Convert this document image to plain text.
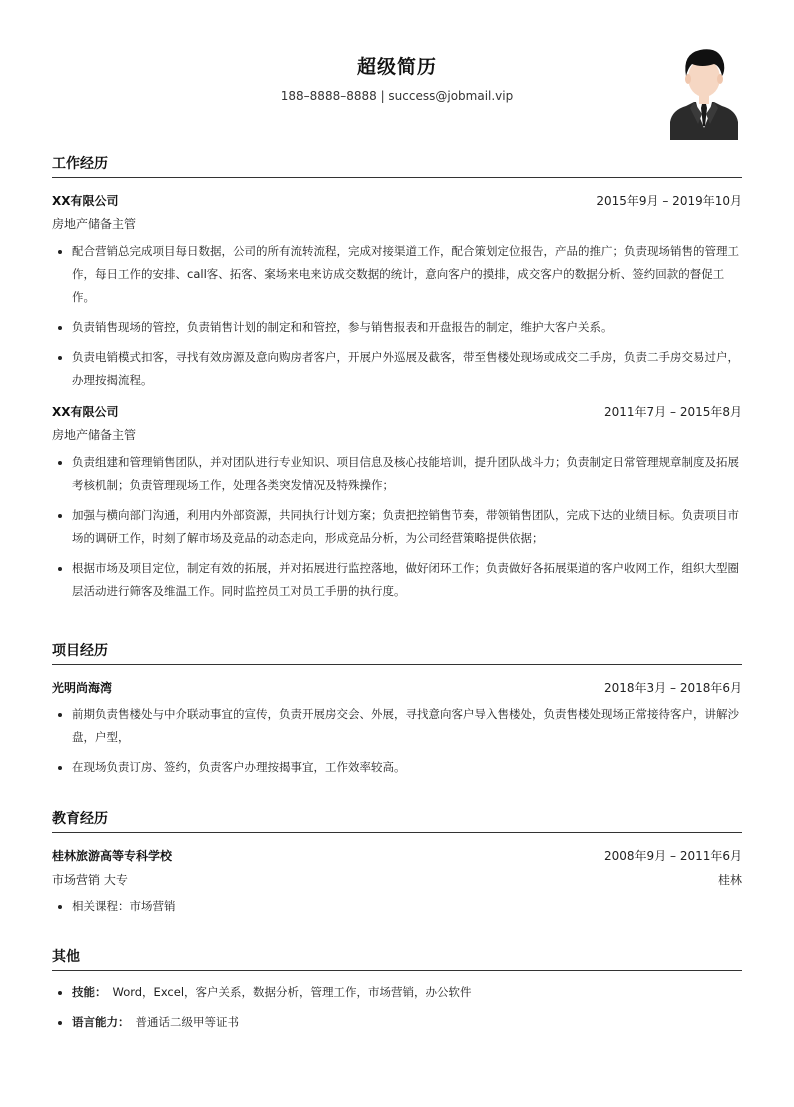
超级简历
188–8888–8888 | success@jobmail.vip
工作经历
XX有限公司	2015年9月 – 2019年10月
房地产储备主管
• 配合营销总完成项目每日数据，公司的所有流转流程，完成对接渠道工作，配合策划定位报告，产品的推广；负责现场销售的管理工作，每日工作的安排、call客、拓客、案场来电来访成交数据的统计，意向客户的摸排，成交客户的数据分析、签约回款的督促工作。
• 负责销售现场的管控，负责销售计划的制定和和管控，参与销售报表和开盘报告的制定，维护大客户关系。
• 负责电销模式扣客，寻找有效房源及意向购房者客户，开展户外巡展及截客，带至售楼处现场或成交二手房，负责二手房交易过户，办理按揭流程。
XX有限公司	2011年7月 – 2015年8月
房地产储备主管
• 负责组建和管理销售团队，并对团队进行专业知识、项目信息及核心技能培训，提升团队战斗力；负责制定日常管理规章制度及拓展考核机制；负责管理现场工作，处理各类突发情况及特殊操作；
• 加强与横向部门沟通，利用内外部资源，共同执行计划方案；负责把控销售节奏，带领销售团队，完成下达的业绩目标。负责项目市场的调研工作，时刻了解市场及竞品的动态走向，形成竞品分析，为公司经营策略提供依据；
• 根据市场及项目定位，制定有效的拓展，并对拓展进行监控落地，做好闭环工作；负责做好各拓展渠道的客户收网工作，组织大型圈层活动进行筛客及维温工作。同时监控员工对员工手册的执行度。
项目经历
光明尚海湾	2018年3月 – 2018年6月
• 前期负责售楼处与中介联动事宜的宣传，负责开展房交会、外展，寻找意向客户导入售楼处，负责售楼处现场正常接待客户，讲解沙盘，户型，
• 在现场负责订房、签约，负责客户办理按揭事宜，工作效率较高。
教育经历
桂林旅游高等专科学校	2008年9月 – 2011年6月
市场营销 大专	桂林
• 相关课程：市场营销
其他
• 技能： Word，Excel，客户关系，数据分析，管理工作，市场营销，办公软件
• 语言能力： 普通话二级甲等证书
